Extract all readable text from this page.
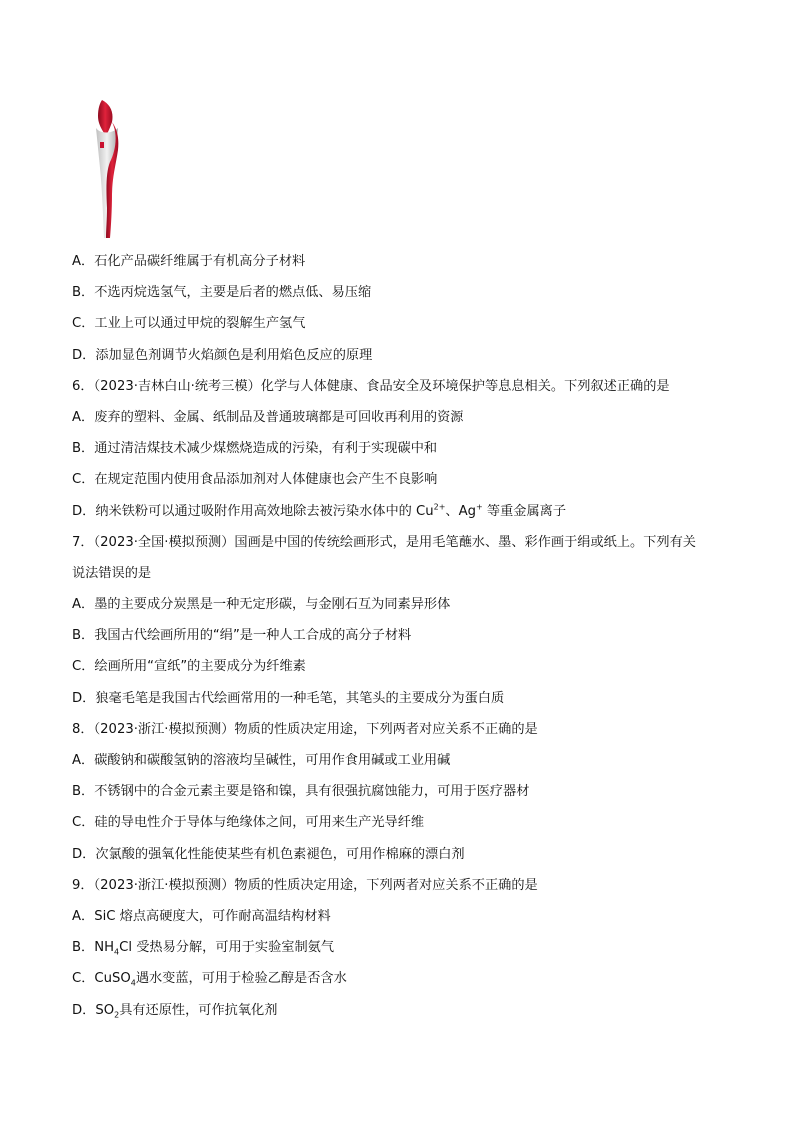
A．石化产品碳纤维属于有机高分子材料
B．不选丙烷选氢气，主要是后者的燃点低、易压缩
C．工业上可以通过甲烷的裂解生产氢气
D．添加显色剂调节火焰颜色是利用焰色反应的原理
6．（2023·吉林白山·统考三模）化学与人体健康、食品安全及环境保护等息息相关。下列叙述正确的是
A．废弃的塑料、金属、纸制品及普通玻璃都是可回收再利用的资源
B．通过清洁煤技术减少煤燃烧造成的污染，有利于实现碳中和
C．在规定范围内使用食品添加剂对人体健康也会产生不良影响
D．纳米铁粉可以通过吸附作用高效地除去被污染水体中的 $Cu^{2+}$、Ag+ 等重金属离子
7．（2023·全国·模拟预测）国画是中国的传统绘画形式，是用毛笔蘸水、墨、彩作画于绢或纸上。下列有关
说法错误的是
A．墨的主要成分炭黑是一种无定形碳，与金刚石互为同素异形体
B．我国古代绘画所用的“绢”是一种人工合成的高分子材料
C．绘画所用“宣纸”的主要成分为纤维素
D．狼毫毛笔是我国古代绘画常用的一种毛笔，其笔头的主要成分为蛋白质
8．（2023·浙江·模拟预测）物质的性质决定用途，下列两者对应关系不正确的是
A．碳酸钠和碳酸氢钠的溶液均呈碱性，可用作食用碱或工业用碱
B．不锈钢中的合金元素主要是铬和镍，具有很强抗腐蚀能力，可用于医疗器材
C．硅的导电性介于导体与绝缘体之间，可用来生产光导纤维
D．次氯酸的强氧化性能使某些有机色素褪色，可用作棉麻的漂白剂
9．（2023·浙江·模拟预测）物质的性质决定用途，下列两者对应关系不正确的是
A．SiC 熔点高硬度大，可作耐高温结构材料
B．$NH_4Cl$ 受热易分解，可用于实验室制氨气
C．CuSO$_4$遇水变蓝，可用于检验乙醇是否含水
D．$SO_2$具有还原性，可作抗氧化剂
